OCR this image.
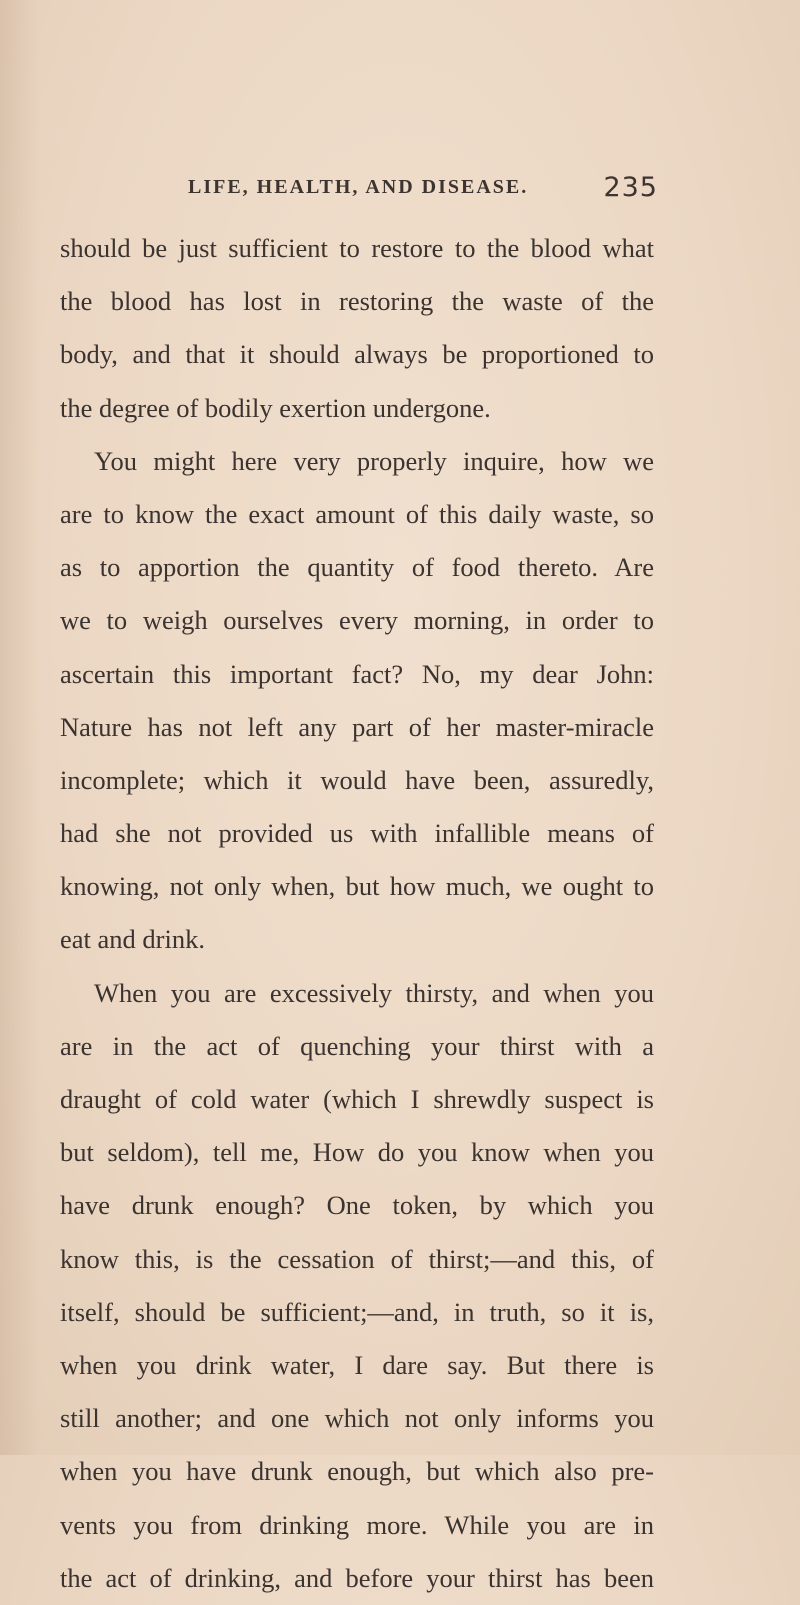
LIFE, HEALTH, AND DISEASE.	235
should be just sufficient to restore to the blood what
the blood has lost in restoring the waste of the
body, and that it should always be proportioned to
the degree of bodily exertion undergone.
You might here very properly inquire, how we
are to know the exact amount of this daily waste, so
as to apportion the quantity of food thereto. Are
we to weigh ourselves every morning, in order to
ascertain this important fact? No, my dear John:
Nature has not left any part of her master-miracle
incomplete; which it would have been, assuredly,
had she not provided us with infallible means of
knowing, not only when, but how much, we ought to
eat and drink.
When you are excessively thirsty, and when you
are in the act of quenching your thirst with a
draught of cold water (which I shrewdly suspect is
but seldom), tell me, How do you know when you
have drunk enough? One token, by which you
know this, is the cessation of thirst;—and this, of
itself, should be sufficient;—and, in truth, so it is,
when you drink water, I dare say. But there is
still another; and one which not only informs you
when you have drunk enough, but which also pre-
vents you from drinking more. While you are in
the act of drinking, and before your thirst has been
